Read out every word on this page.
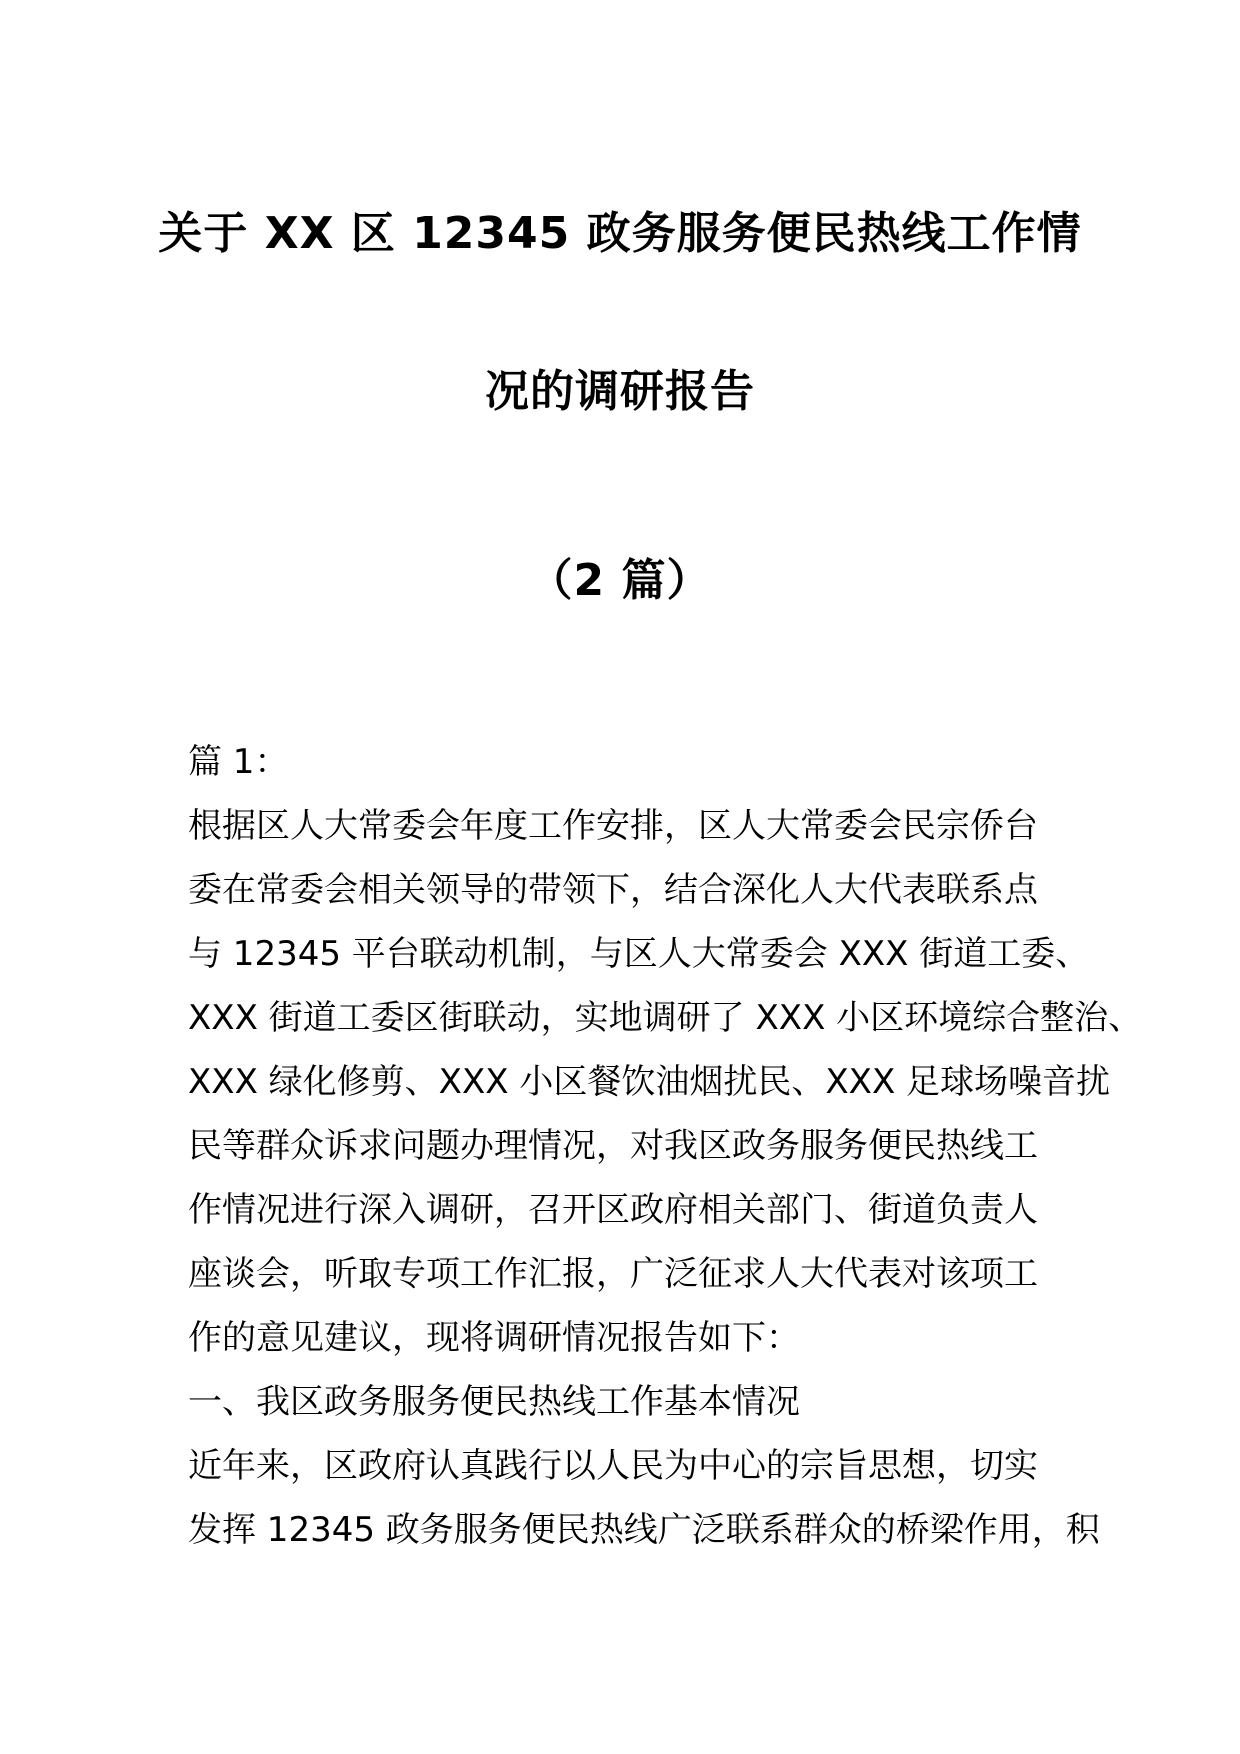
关于 XX 区 12345 政务服务便民热线工作情
况的调研报告
（2 篇）
篇 1：
根据区人大常委会年度工作安排，区人大常委会民宗侨台
委在常委会相关领导的带领下，结合深化人大代表联系点
与 12345 平台联动机制，与区人大常委会 XXX 街道工委、
XXX 街道工委区街联动，实地调研了 XXX 小区环境综合整治、
XXX 绿化修剪、XXX 小区餐饮油烟扰民、XXX 足球场噪音扰
民等群众诉求问题办理情况，对我区政务服务便民热线工
作情况进行深入调研，召开区政府相关部门、街道负责人
座谈会，听取专项工作汇报，广泛征求人大代表对该项工
作的意见建议，现将调研情况报告如下：
一、我区政务服务便民热线工作基本情况
近年来，区政府认真践行以人民为中心的宗旨思想，切实
发挥 12345 政务服务便民热线广泛联系群众的桥梁作用，积
